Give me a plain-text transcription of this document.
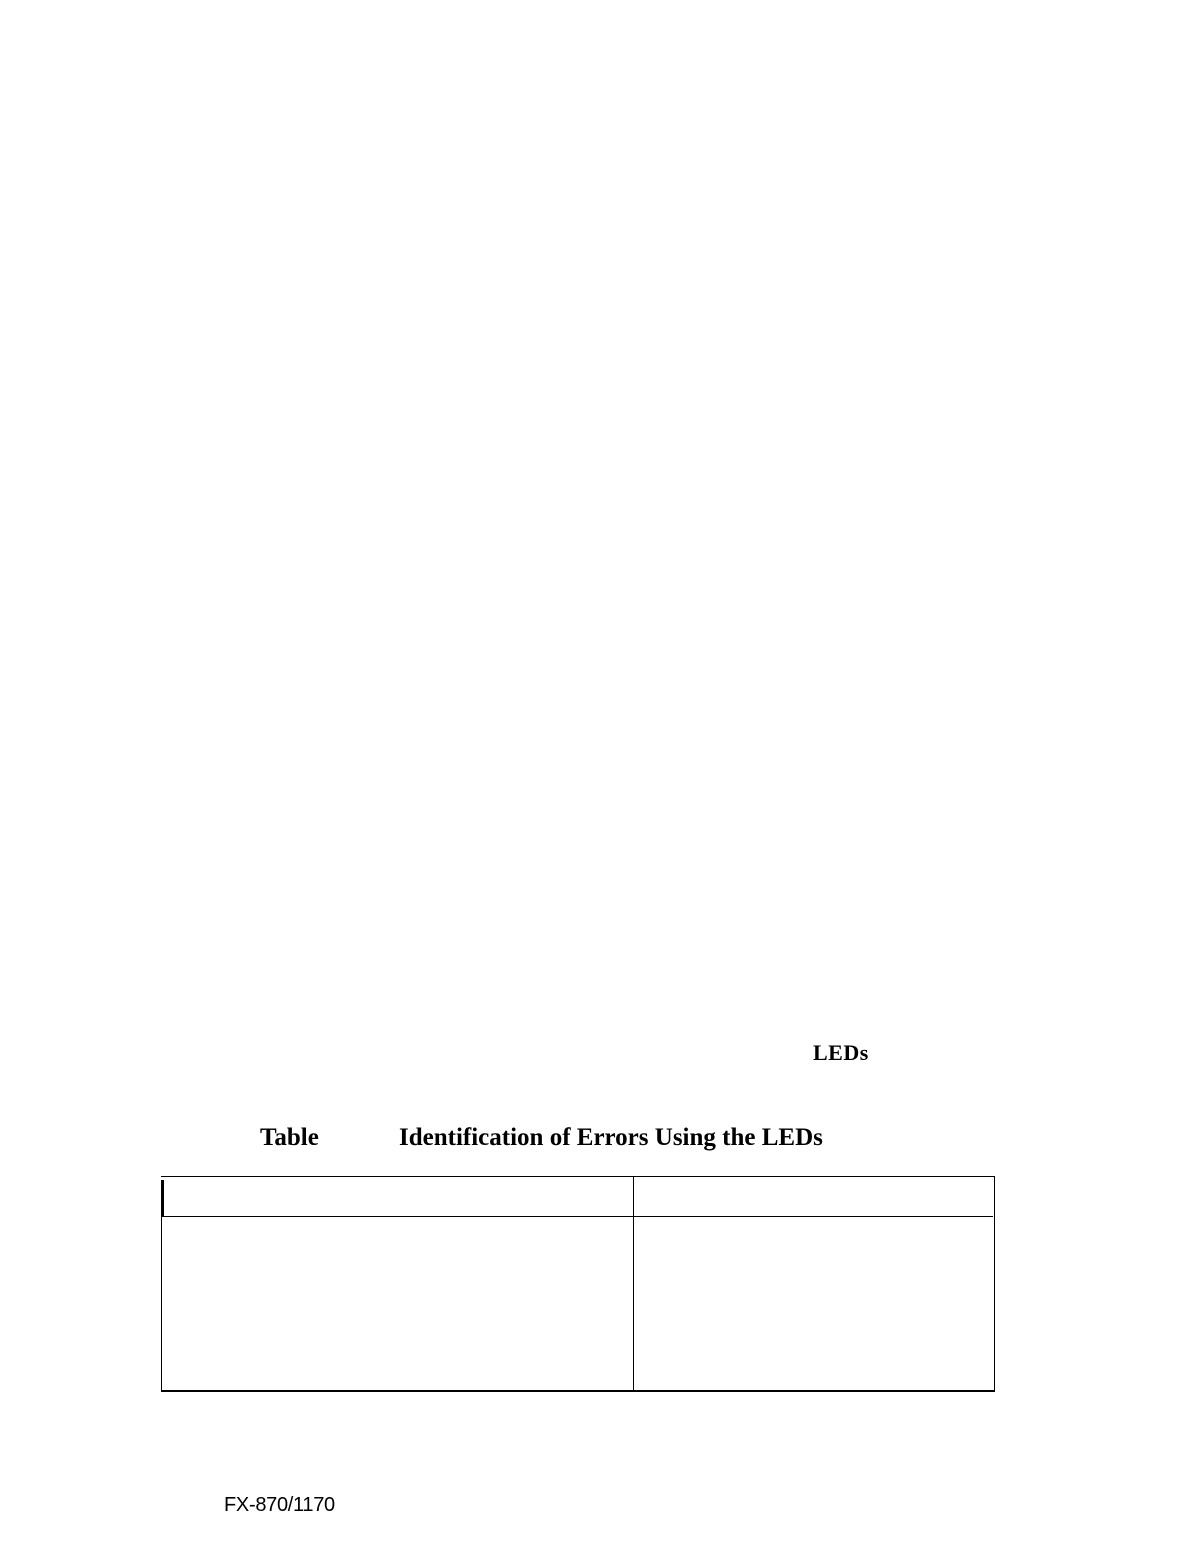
LEDs
Table	Identification of Errors Using the LEDs
FX-870/1170
